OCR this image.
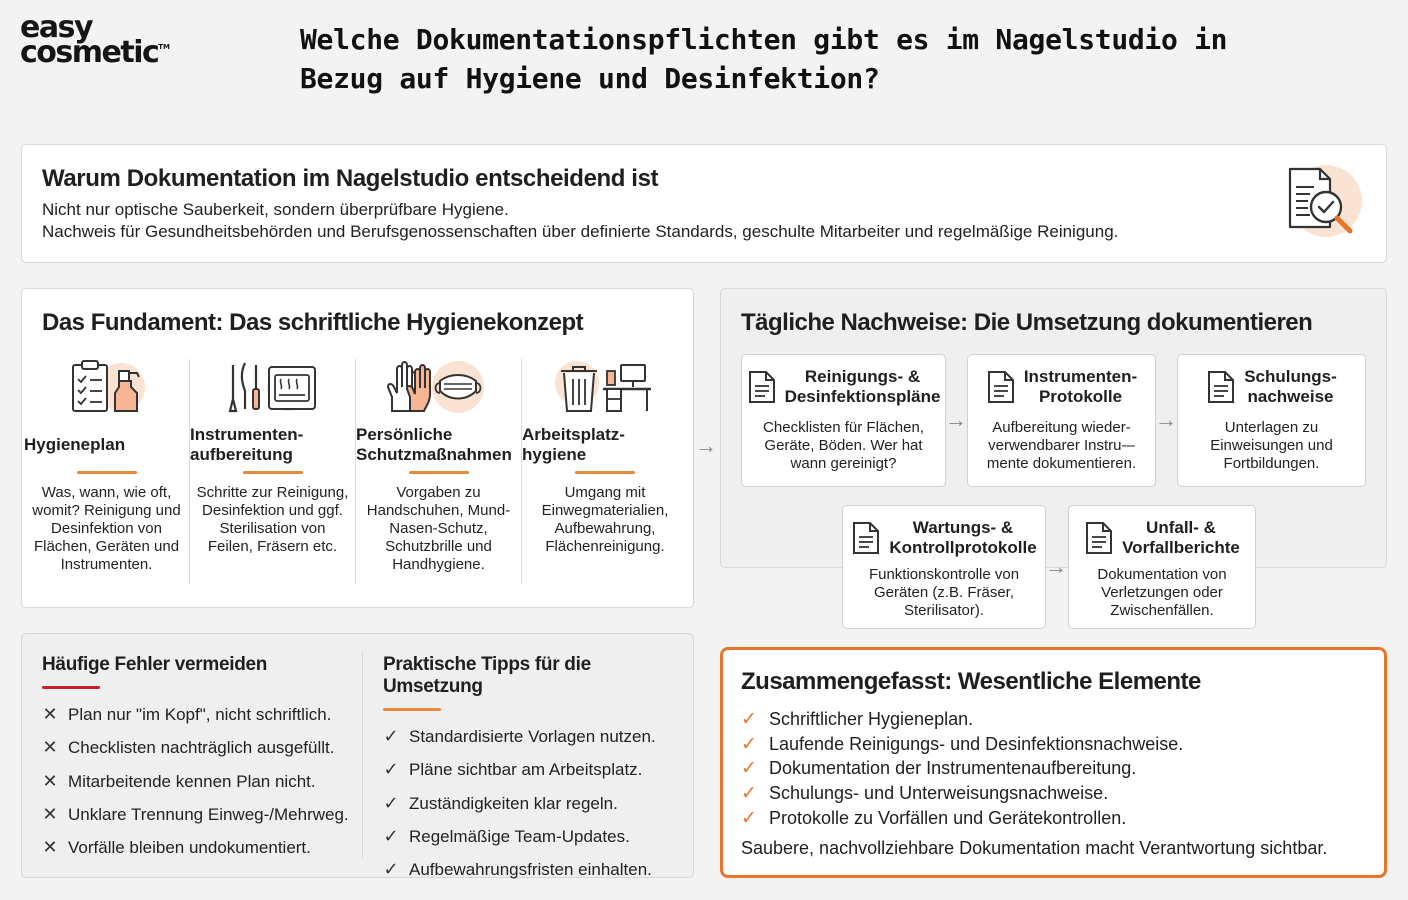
easy
cosmetic™	Welche Dokumentationspflichten gibt es im Nagelstudio in
Bezug auf Hygiene und Desinfektion?
Warum Dokumentation im Nagelstudio entscheidend ist
Nicht nur optische Sauberkeit, sondern überprüfbare Hygiene.
Nachweis für Gesundheitsbehörden und Berufsgenossenschaften über definierte Standards, geschulte Mitarbeiter und regelmäßige Reinigung.
Das Fundament: Das schriftliche Hygienekonzept
Hygieneplan
Was, wann, wie oft, womit? Reinigung und Desinfektion von Flächen, Geräten und Instrumenten.
Instrumenten-
aufbereitung
Schritte zur Reinigung, Desinfektion und ggf. Sterilisation von Feilen, Fräsern etc.
Persönliche
Schutzmaßnahmen
Vorgaben zu Handschuhen, Mund-Nasen-Schutz, Schutzbrille und Handhygiene.
Arbeitsplatz-
hygiene
Umgang mit Einwegmaterialien, Aufbewahrung, Flächenreinigung.
→
Tägliche Nachweise: Die Umsetzung dokumentieren
Reinigungs- &
Desinfektionspläne
Checklisten für Flächen, Geräte, Böden. Wer hat wann gereinigt?
→
Instrumenten-
Protokolle
Aufbereitung wieder-verwendbarer Instru-–mente dokumentieren.
→
Schulungs-
nachweise
Unterlagen zu Einweisungen und Fortbildungen.
Wartungs- &
Kontrollprotokolle
Funktionskontrolle von Geräten (z.B. Fräser, Sterilisator).
→
Unfall- &
Vorfallberichte
Dokumentation von Verletzungen oder Zwischenfällen.
Häufige Fehler vermeiden
✕ Plan nur "im Kopf", nicht schriftlich.
✕ Checklisten nachträglich ausgefüllt.
✕ Mitarbeitende kennen Plan nicht.
✕ Unklare Trennung Einweg-/Mehrweg.
✕ Vorfälle bleiben undokumentiert.
Praktische Tipps für die Umsetzung
✓ Standardisierte Vorlagen nutzen.
✓ Pläne sichtbar am Arbeitsplatz.
✓ Zuständigkeiten klar regeln.
✓ Regelmäßige Team-Updates.
✓ Aufbewahrungsfristen einhalten.
Zusammengefasst: Wesentliche Elemente
✓ Schriftlicher Hygieneplan.
✓ Laufende Reinigungs- und Desinfektionsnachweise.
✓ Dokumentation der Instrumentenaufbereitung.
✓ Schulungs- und Unterweisungsnachweise.
✓ Protokolle zu Vorfällen und Gerätekontrollen.
Saubere, nachvollziehbare Dokumentation macht Verantwortung sichtbar.
